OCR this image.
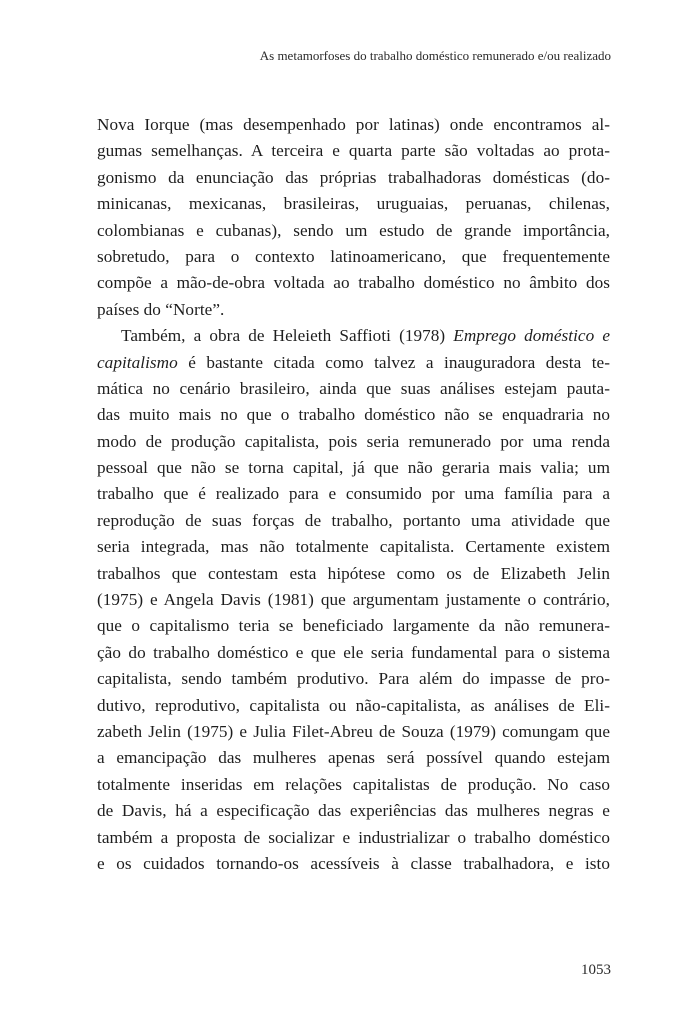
As metamorfoses do trabalho doméstico remunerado e/ou realizado
Nova Iorque (mas desempenhado por latinas) onde encontramos al-
gumas semelhanças. A terceira e quarta parte são voltadas ao prota-
gonismo da enunciação das próprias trabalhadoras domésticas (do-
minicanas, mexicanas, brasileiras, uruguaias, peruanas, chilenas,
colombianas e cubanas), sendo um estudo de grande importância,
sobretudo, para o contexto latinoamericano, que frequentemente
compõe a mão-de-obra voltada ao trabalho doméstico no âmbito dos
países do “Norte”.
Também, a obra de Heleieth Saffioti (1978) Emprego doméstico e
capitalismo é bastante citada como talvez a inauguradora desta te-
mática no cenário brasileiro, ainda que suas análises estejam pauta-
das muito mais no que o trabalho doméstico não se enquadraria no
modo de produção capitalista, pois seria remunerado por uma renda
pessoal que não se torna capital, já que não geraria mais valia; um
trabalho que é realizado para e consumido por uma família para a
reprodução de suas forças de trabalho, portanto uma atividade que
seria integrada, mas não totalmente capitalista. Certamente existem
trabalhos que contestam esta hipótese como os de Elizabeth Jelin
(1975) e Angela Davis (1981) que argumentam justamente o contrário,
que o capitalismo teria se beneficiado largamente da não remunera-
ção do trabalho doméstico e que ele seria fundamental para o sistema
capitalista, sendo também produtivo. Para além do impasse de pro-
dutivo, reprodutivo, capitalista ou não-capitalista, as análises de Eli-
zabeth Jelin (1975) e Julia Filet-Abreu de Souza (1979) comungam que
a emancipação das mulheres apenas será possível quando estejam
totalmente inseridas em relações capitalistas de produção. No caso
de Davis, há a especificação das experiências das mulheres negras e
também a proposta de socializar e industrializar o trabalho doméstico
e os cuidados tornando-os acessíveis à classe trabalhadora, e isto
1053
